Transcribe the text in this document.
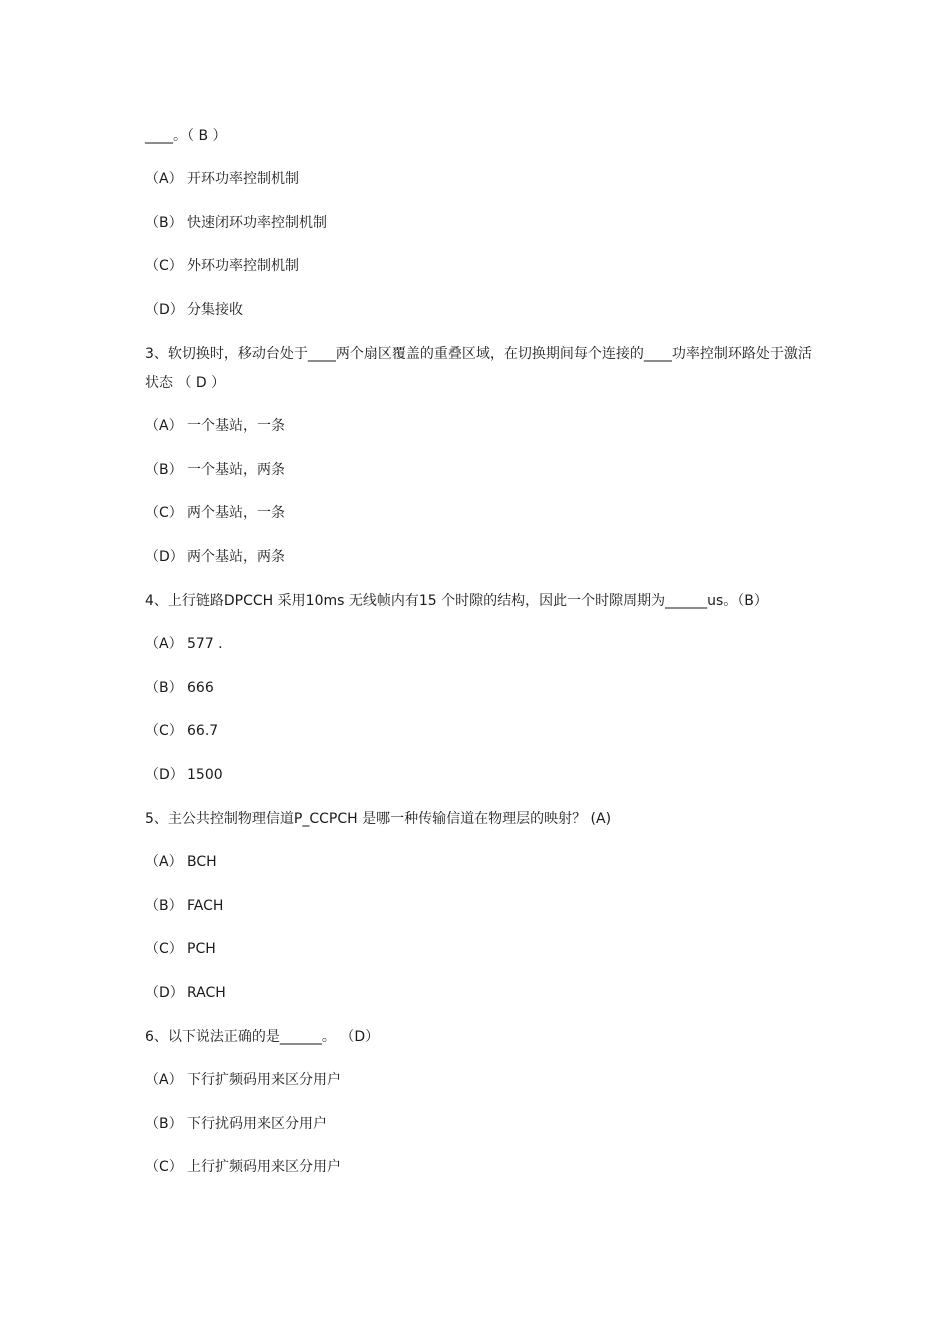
____。（ B ）
（A） 开环功率控制机制
（B） 快速闭环功率控制机制
（C） 外环功率控制机制
（D） 分集接收
3、软切换时，移动台处于____两个扇区覆盖的重叠区域，在切换期间每个连接的____功率控制环路处于激活状态 （ D ）
（A） 一个基站，一条
（B） 一个基站，两条
（C） 两个基站，一条
（D） 两个基站，两条
4、上行链路DPCCH 采用10ms 无线帧内有15 个时隙的结构，因此一个时隙周期为______us。（B）
（A） 577 .
（B） 666
（C） 66.7
（D） 1500
5、主公共控制物理信道P_CCPCH 是哪一种传输信道在物理层的映射？ (A)
（A） BCH
（B） FACH
（C） PCH
（D） RACH
6、以下说法正确的是______。 （D）
（A） 下行扩频码用来区分用户
（B） 下行扰码用来区分用户
（C） 上行扩频码用来区分用户
